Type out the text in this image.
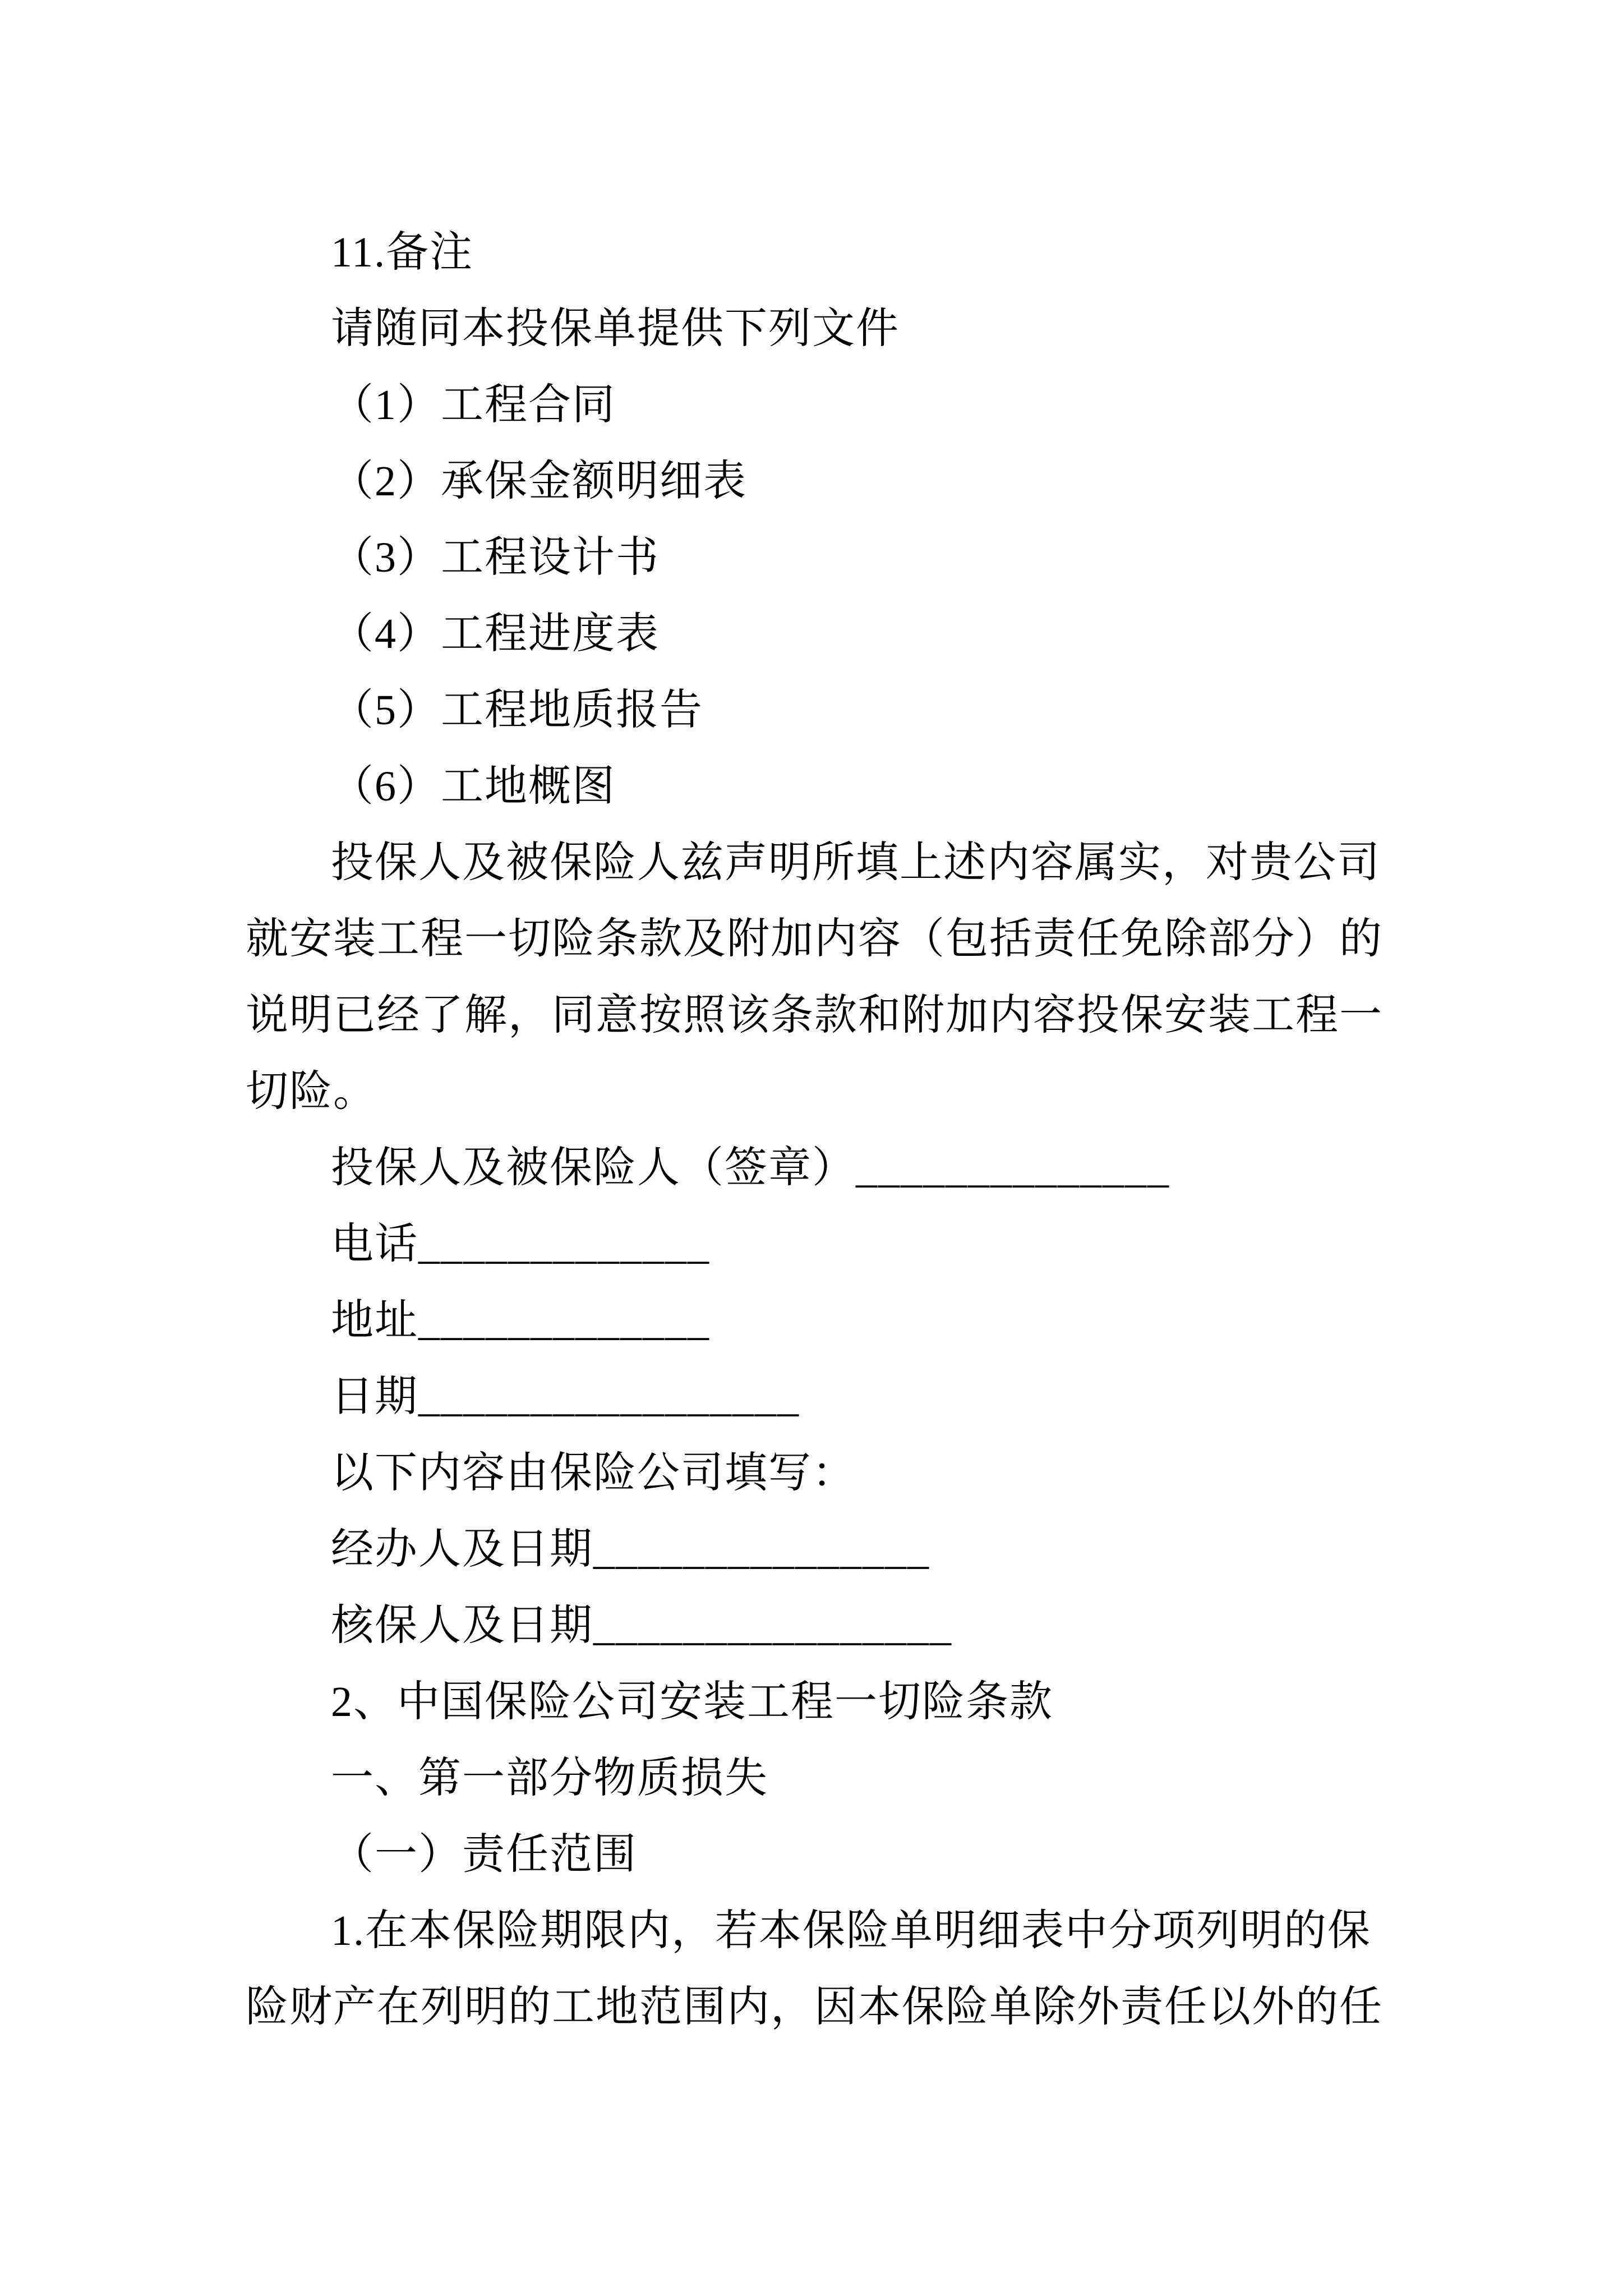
11.备注
请随同本投保单提供下列文件
（1）工程合同
（2）承保金额明细表
（3）工程设计书
（4）工程进度表
（5）工程地质报告
（6）工地概图
投保人及被保险人兹声明所填上述内容属实，对贵公司
就安装工程一切险条款及附加内容（包括责任免除部分）的
说明已经了解，同意按照该条款和附加内容投保安装工程一
切险。
投保人及被保险人（签章）______________
电话_____________
地址_____________
日期_________________
以下内容由保险公司填写：
经办人及日期_______________
核保人及日期________________
2、中国保险公司安装工程一切险条款
一、第一部分物质损失
（一）责任范围
1.在本保险期限内，若本保险单明细表中分项列明的保
险财产在列明的工地范围内，因本保险单除外责任以外的任
